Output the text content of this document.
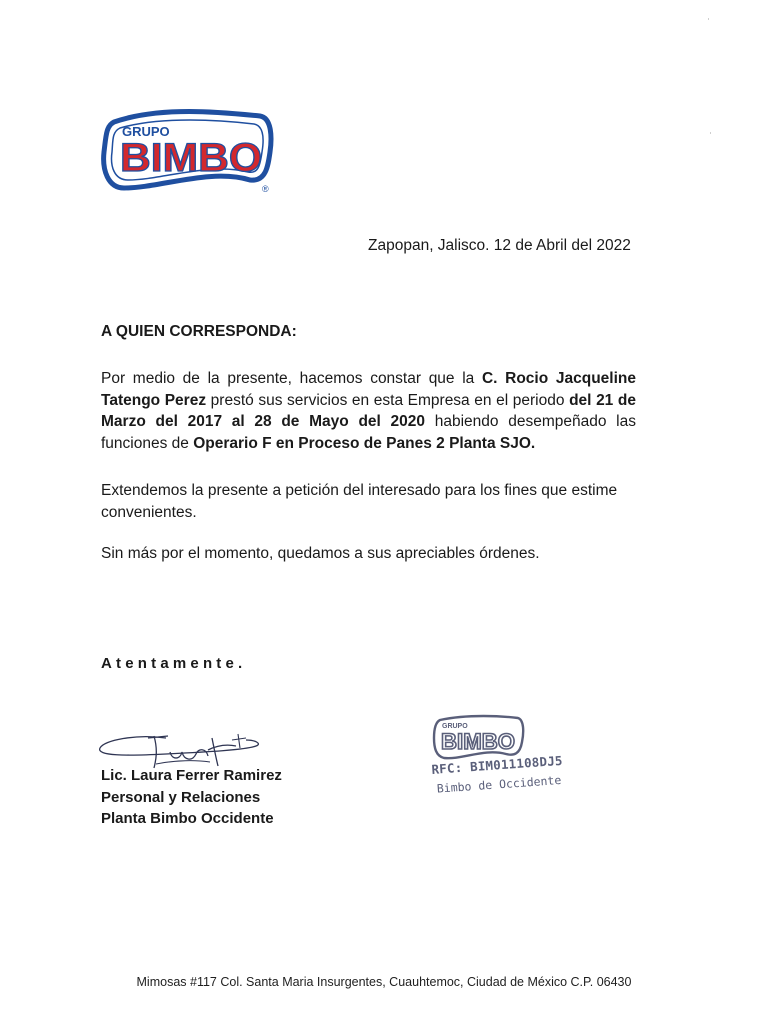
GRUPO
BIMBO
®
Zapopan, Jalisco. 12 de Abril del 2022
A QUIEN CORRESPONDA:

Por medio de la presente, hacemos constar que la C. Rocio Jacqueline Tatengo Perez prestó sus servicios en esta Empresa en el periodo del 21 de Marzo del 2017 al 28 de Mayo del 2020 habiendo desempeñado las funciones de Operario F en Proceso de Panes 2 Planta SJO.

Extendemos la presente a petición del interesado para los fines que estime convenientes.

Sin más por el momento, quedamos a sus apreciables órdenes.

Atentamente.
Lic. Laura Ferrer Ramirez
Personal y Relaciones
Planta Bimbo Occidente
GRUPO
BIMBO
RFC: BIM011108DJ5
Bimbo de Occidente
Mimosas #117 Col. Santa Maria Insurgentes, Cuauhtemoc, Ciudad de México C.P. 06430
